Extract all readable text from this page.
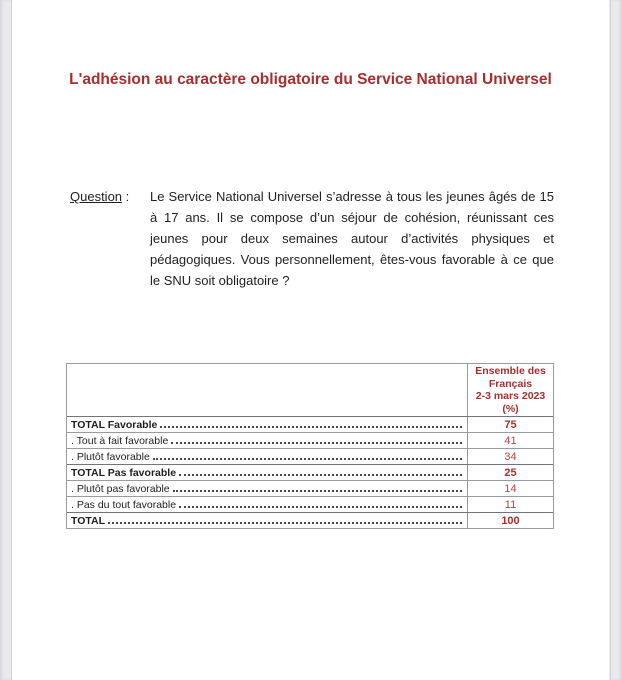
L'adhésion au caractère obligatoire du Service National Universel
Question :	Le Service National Universel s’adresse à tous les jeunes âgés de 15 à 17 ans. Il se compose d’un séjour de cohésion, réunissant ces jeunes pour deux semaines autour d’activités physiques et pédagogiques. Vous personnellement, êtes-vous favorable à ce que le SNU soit obligatoire ?
Ensemble des Français
2-3 mars 2023
(%)
TOTAL Favorable	75
. Tout à fait favorable	41
. Plutôt favorable	34
TOTAL Pas favorable	25
. Plutôt pas favorable	14
. Pas du tout favorable	11
TOTAL	100
